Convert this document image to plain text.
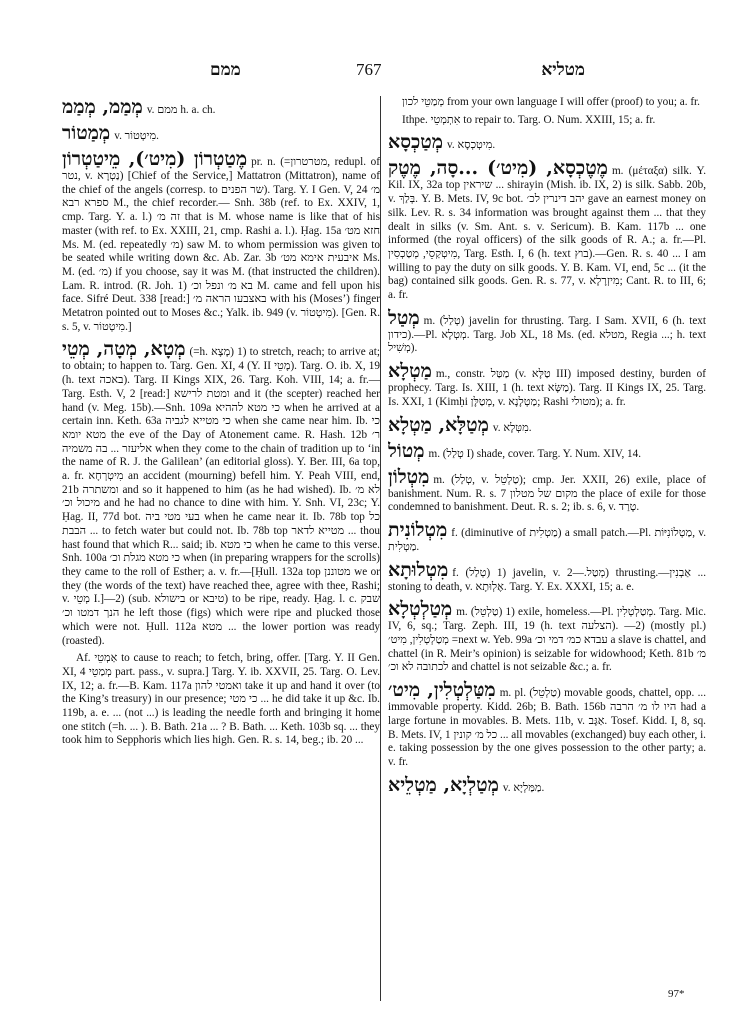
ממם	767	מטליא

מְמַמ, מְמַמ v. ממם h. a. ch.

מְמַטוֹר v. מִיטְטוֹר.

מֶטַטְרוֹן (מִיט׳), מֵיטַטְרוֹן pr. n. (=מטרטרון, redupl. of נטר, v. נַטְרָא) [Chief of the Service,] Mattatron (Mittatron), name of the chief of the angels (corresp. to שר הפנים). Targ. Y. I Gen. V, 24 מ׳ ספרא רבא M., the chief recorder.— Snh. 38b (ref. to Ex. XXIV, 1, cmp. Targ. Y. a. l.) זה מ׳ that is M. whose name is like that of his master (with ref. to Ex. XXIII, 21, cmp. Rashi a. l.). Ḥag. 15a חזא מט׳ Ms. M. (ed. repeatedly מ׳) saw M. to whom permission was given to be seated while writing down &c. Ab. Zar. 3b איבעית אימא מט׳ Ms. M. (ed. מ׳) if you choose, say it was M. (that instructed the children). Lam. R. introd. (R. Joh. 1) בא מ׳ ונפל וכ׳ M. came and fell upon his face. Sifré Deut. 338 [read:] באצבעו הראה מ׳ with his (Moses’) finger Metatron pointed out to Moses &c.; Yalk. ib. 949 (v. מִיטְטוֹר). [Gen. R. s. 5, v. מִיטְטוֹר.]

מְטָא, מְטָה, מְטֵי (=h. מָצָא) 1) to stretch, reach; to arrive at; to obtain; to happen to. Targ. Gen. XI, 4 (Y. II מָטֵי). Targ. O. ib. X, 19 (h. text באכה). Targ. II Kings XIX, 26. Targ. Koh. VIII, 14; a. fr.—Targ. Esth. V, 2 [read:] ומטת לרישא and it (the scepter) reached her hand (v. Meg. 15b).—Snh. 109a כי מטא לההיא when he arrived at a certain inn. Keth. 63a כי מטייא לגביה when she came near him. Ib. כי מטא יומא the eve of the Day of Atonement came. R. Hash. 12b ר׳ אליעזר ... בה משמיה when they come to the chain of tradition up to ‘in the name of R. J. the Galilean’ (an editorial gloss). Y. Ber. III, 6a top, a. fr. מִיטְרְחָא an accident (mourning) befell him. Y. Peah VIII, end, 21b ומשתרה and so it happened to him (as he had wished). Ib. לא מ׳ מיכול וכ׳ and he had no chance to dine with him. Y. Snh. VI, 23c; Y. Ḥag. II, 77d bot. בעי מטי ביה when he came near it. Ib. 78b top כל הבבת ... to fetch water but could not. Ib. 78b top מטייא לדאר ... thou hast found that which R... said; ib. כי מטא when he came to this verse. Snh. 100a כי מטא מגלת וכ׳ when (in preparing wrappers for the scrolls) they came to the roll of Esther; a. v. fr.—[Ḥull. 132a top מטוננן we or they (the words of the text) have reached thee, agree with thee, Rashi; v. מְטֵי I.]—2) (sub. בישולא or טיבא) to be ripe, ready. Ḥag. l. c. שבק הנך דמטו וכ׳ he left those (figs) which were ripe and plucked those which were not. Ḥull. 112a מטא ... the lower portion was ready (roasted).

Af. אַמְטֵי to cause to reach; to fetch, bring, offer. [Targ. Y. II Gen. XI, 4 מְמַטֵי part. pass., v. supra.] Targ. Y. ib. XXVII, 25. Targ. O. Lev. IX, 12; a. fr.—B. Kam. 117a ואמטי להון take it up and hand it over (to the King’s treasury) in our presence; כי מטי ... he did take it up &c. Ib. 119b, a. e. ... (not ...) is leading the needle forth and bringing it home one stitch (=h. ... ). B. Bath. 21a ... ? B. Bath. ... Keth. 103b sq. ... they took him to Sepphoris which lies high. Gen. R. s. 14, beg.; ib. 20 ...

מְמַטֵי לכון from your own language I will offer (proof) to you; a. fr.

Ithpe. אִתְמְטֵי to repair to. Targ. O. Num. XXIII, 15; a. fr.

מְטַכְסָא v. מִיטְכְסָא.

מֶטֶכְסָא, (מִיט׳) ...סָה, מֶטֶק m. (μέταξα) silk. Y. Kil. IX, 32a top שיראין ... shirayin (Mish. ib. IX, 2) is silk. Sabb. 20b, v. בְּלַךְ. Y. B. Mets. IV, 9c bot. יהב דינרין לכ׳ gave an earnest money on silk. Lev. R. s. 34 information was brought against them ... that they dealt in silks (v. Sm. Ant. s. v. Sericum). B. Kam. 117b ... one informed (the royal officers) of the silk goods of R. A.; a. fr.—Pl. מִיטְקַסֵי, מְטַכְסִין, Targ. Esth. I, 6 (h. text בוץ).—Gen. R. s. 40 ... I am willing to pay the duty on silk goods. Y. B. Kam. VI, end, 5c ... (it the bag) contained silk goods. Gen. R. s. 77, v. מִיזְרָלָא; Cant. R. to III, 6; a. fr.

מְטַל m. (טְלַל) javelin for thrusting. Targ. I Sam. XVII, 6 (h. text כידון).—Pl. מְטְלָא. Targ. Job XL, 18 Ms. (ed. מטלא, Regia ...; h. text מְשִׁיל).

מַטְלָא m., constr. מַטַּל (v. טַלָּא III) imposed destiny, burden of prophecy. Targ. Is. XIII, 1 (h. text מַשָּׂא). Targ. II Kings IX, 25. Targ. Is. XXI, 1 (Kimḥi מְטַלָּן, v. מַטְלָנָא; Rashi מטולי); a. fr.

מְטַלָּא, מַטְלָא v. מִטְּלָא.

מְטוֹל m. (טְלַל I) shade, cover. Targ. Y. Num. XIV, 14.

מִטְלוֹן m. (טְלַל, v. טַלְטֵל); cmp. Jer. XXII, 26) exile, place of banishment. Num. R. s. 7 מקום של מטלון the place of exile for those condemned to banishment. Deut. R. s. 2; ib. s. 6, v. טָרַד.

מִטְלוֹנִית f. (diminutive of מַטְלִית) a small patch.—Pl. מַטְלוֹנִיּוֹת, v. מַטְלִית.

מִטְלוּתָא f. (טְלַל) 1) javelin, v. מְטַל.—2) thrusting.—אַבְנִין ... stoning to death, v. אֶלְוּתָא. Targ. Y. Ex. XXXI, 15; a. e.

מְטַלְטְלָא m. (טַלְטֵל) 1) exile, homeless.—Pl. מְטַלְטְלִין. Targ. Mic. IV, 6, sq.; Targ. Zeph. III, 19 (h. text הצלעה). —2) (mostly pl.) מְטַלְטְלִין, מִיט׳ =next w. Yeb. 99a עבדא כמ׳ דמי וכ׳ a slave is chattel, and chattel (in R. Meir’s opinion) is seizable for widowhood; Keth. 81b מ׳ לכתובה לא וכ׳ and chattel is not seizable &c.; a. fr.

מִטַּלְטְלִין, מִיט׳ m. pl. (טַלְטֵל) movable goods, chattel, opp. ... immovable property. Kidd. 26b; B. Bath. 156b היו לו מ׳ הרבה had a large fortune in movables. B. Mets. 11b, v. אַגָּב. Tosef. Kidd. I, 8, sq. B. Mets. IV, 1 כל מ׳ קונין ... all movables (exchanged) buy each other, i. e. taking possession by the one gives possession to the other party; a. v. fr.

מְטַלְיָא, מַטְלֵיא v. מַמַּלְיָא.

97*
